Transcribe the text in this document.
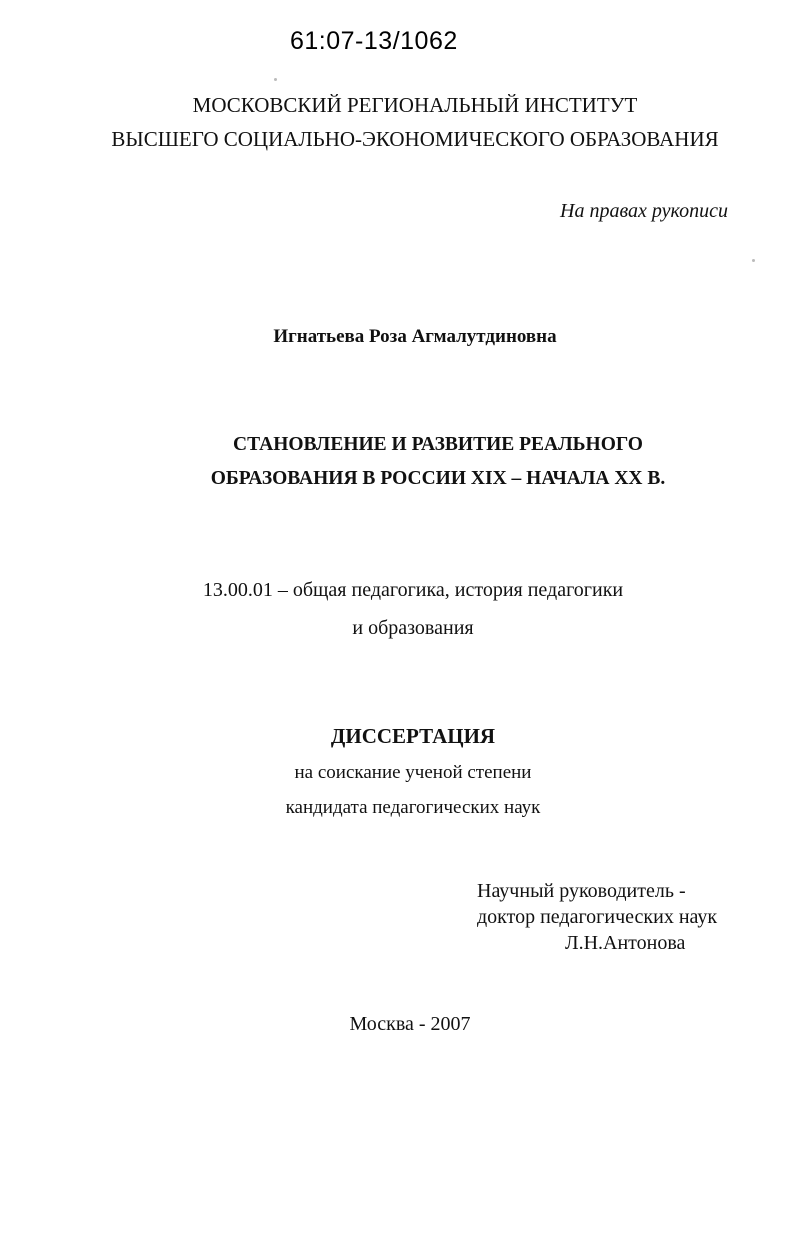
61:07-13/1062
МОСКОВСКИЙ РЕГИОНАЛЬНЫЙ ИНСТИТУТ
ВЫСШЕГО СОЦИАЛЬНО-ЭКОНОМИЧЕСКОГО ОБРАЗОВАНИЯ
На правах рукописи
Игнатьева Роза Агмалутдиновна
СТАНОВЛЕНИЕ И РАЗВИТИЕ РЕАЛЬНОГО
ОБРАЗОВАНИЯ В РОССИИ XIX – НАЧАЛА XX В.
13.00.01 – общая педагогика, история педагогики
и образования
ДИССЕРТАЦИЯ
на соискание ученой степени
кандидата педагогических наук
Научный руководитель -
доктор педагогических наук
Л.Н.Антонова
Москва - 2007
